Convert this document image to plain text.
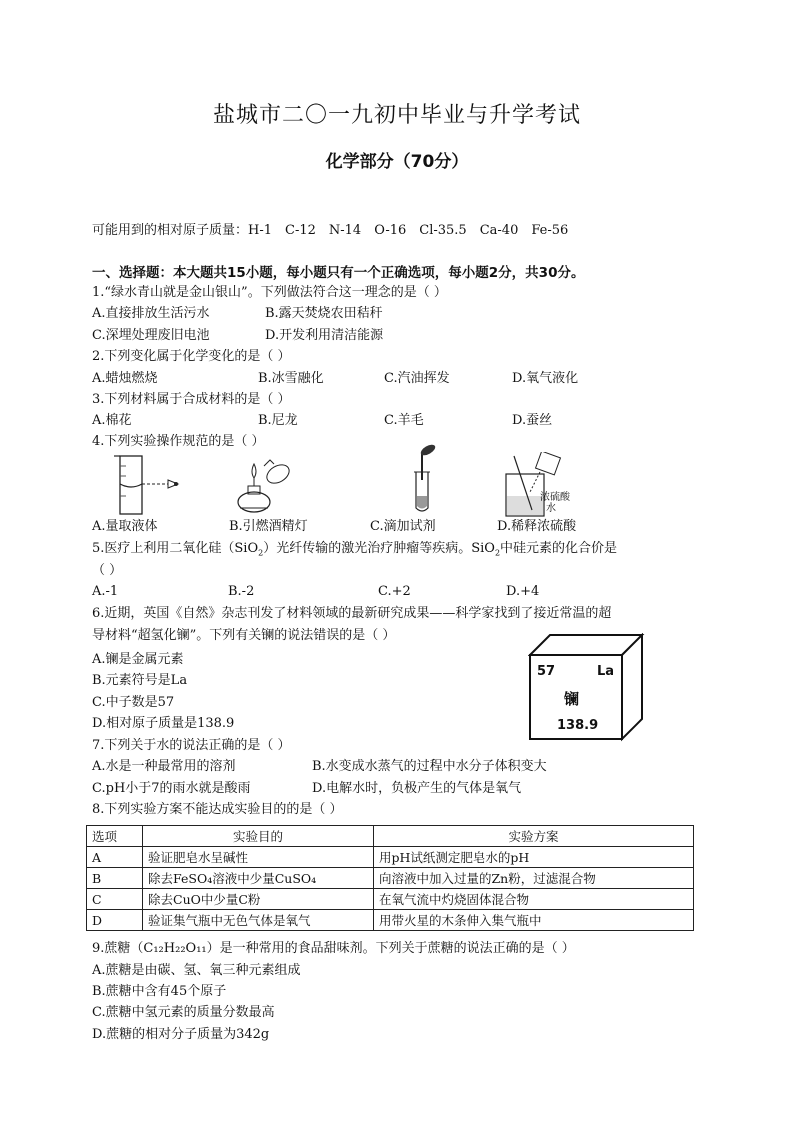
盐城市二〇一九初中毕业与升学考试
化学部分（70分）
可能用到的相对原子质量：H-1　C-12　N-14　O-16　Cl-35.5　Ca-40　Fe-56
一、选择题：本大题共15小题，每小题只有一个正确选项，每小题2分，共30分。
1.“绿水青山就是金山银山”。下列做法符合这一理念的是（ ）
A.直接排放生活污水	B.露天焚烧农田秸秆
C.深埋处理废旧电池	D.开发利用清洁能源
2.下列变化属于化学变化的是（ ）
A.蜡烛燃烧	B.冰雪融化	C.汽油挥发	D.氧气液化
3.下列材料属于合成材料的是（ ）
A.棉花	B.尼龙	C.羊毛	D.蚕丝
4.下列实验操作规范的是（ ）
浓硫酸
水
A.量取液体	B.引燃酒精灯	C.滴加试剂	D.稀释浓硫酸
5.医疗上利用二氧化硅（SiO$_2$）光纤传输的激光治疗肿瘤等疾病。SiO$_2$中硅元素的化合价是
（ ）
A.-1	B.-2	C.+2	D.+4
6.近期，英国《自然》杂志刊发了材料领域的最新研究成果——科学家找到了接近常温的超
导材料“超氢化镧”。下列有关镧的说法错误的是（ ）
A.镧是金属元素
B.元素符号是La
C.中子数是57
D.相对原子质量是138.9
57	La
镧
138.9
7.下列关于水的说法正确的是（ ）
A.水是一种最常用的溶剂	B.水变成水蒸气的过程中水分子体积变大
C.pH小于7的雨水就是酸雨	D.电解水时，负极产生的气体是氧气
8.下列实验方案不能达成实验目的的是（ ）
选项	实验目的	实验方案
A	验证肥皂水呈碱性	用pH试纸测定肥皂水的pH
B	除去FeSO₄溶液中少量CuSO₄	向溶液中加入过量的Zn粉，过滤混合物
C	除去CuO中少量C粉	在氧气流中灼烧固体混合物
D	验证集气瓶中无色气体是氧气	用带火星的木条伸入集气瓶中
9.蔗糖（C₁₂H₂₂O₁₁）是一种常用的食品甜味剂。下列关于蔗糖的说法正确的是（ ）
A.蔗糖是由碳、氢、氧三种元素组成
B.蔗糖中含有45个原子
C.蔗糖中氢元素的质量分数最高
D.蔗糖的相对分子质量为342g
